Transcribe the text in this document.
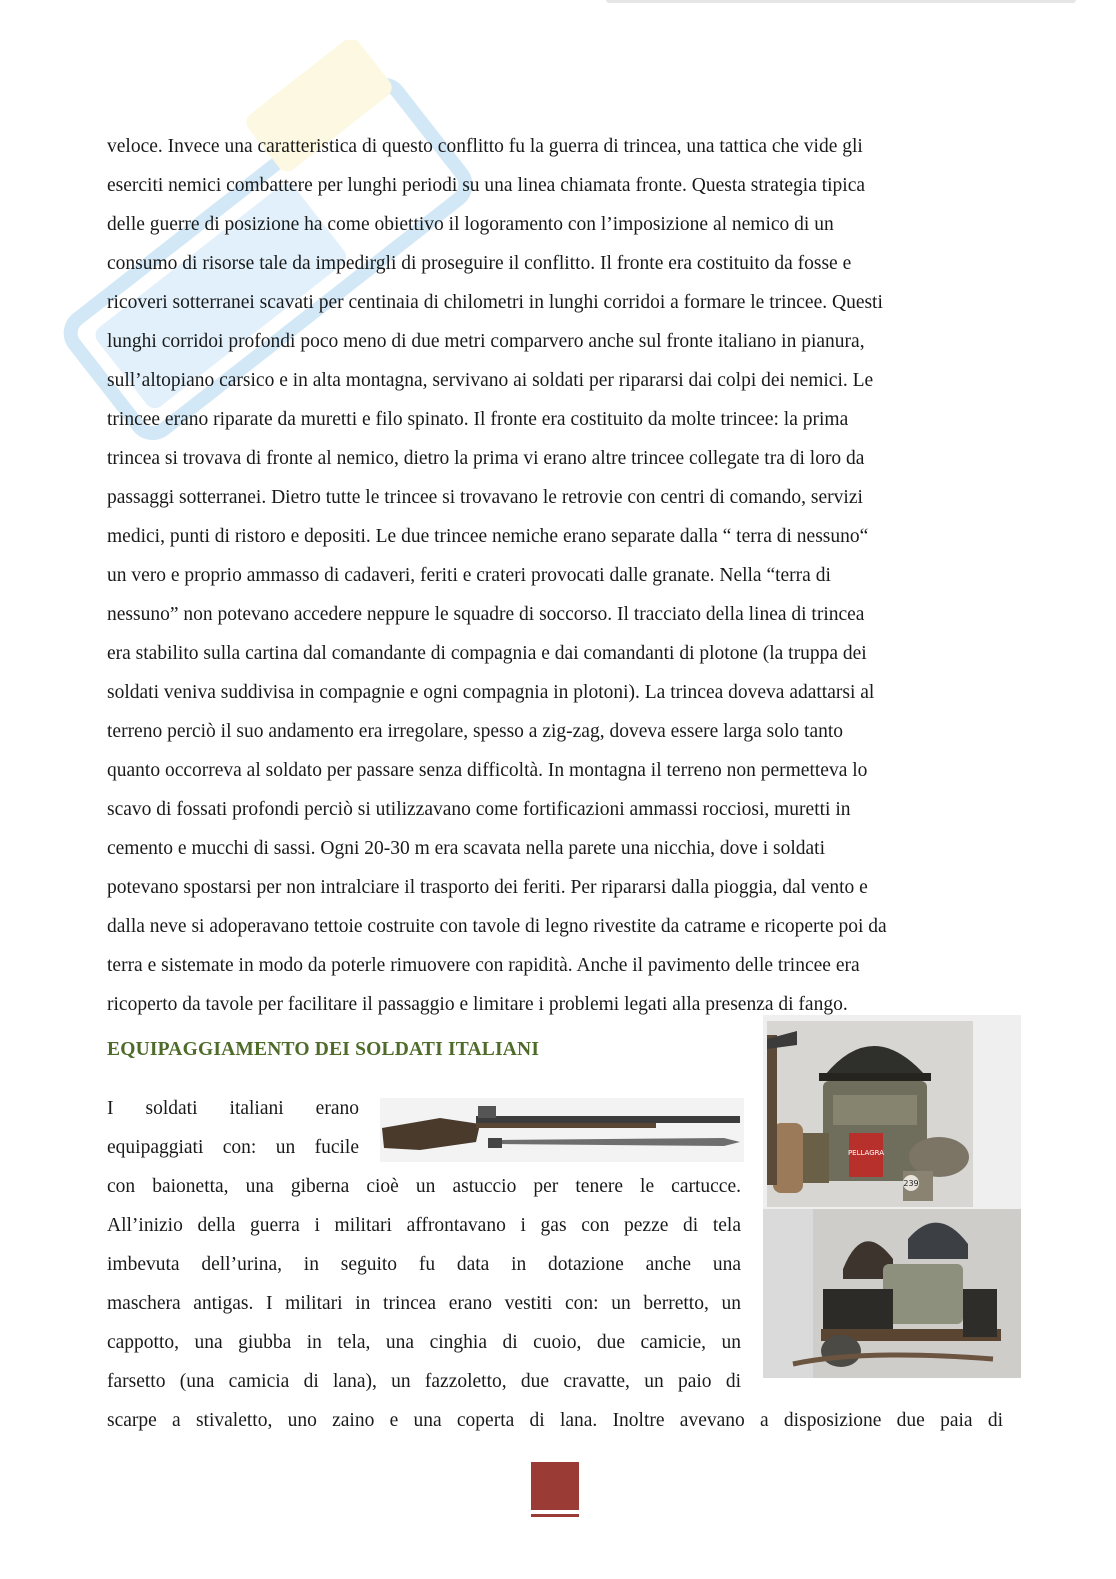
veloce. Invece una caratteristica di questo conflitto fu la guerra di trincea, una tattica che vide gli
eserciti nemici combattere per lunghi periodi su una linea chiamata fronte. Questa strategia tipica
delle guerre di posizione ha come obiettivo il logoramento con l’imposizione al nemico di un
consumo di risorse tale da impedirgli di proseguire il conflitto. Il fronte era costituito da fosse e
ricoveri sotterranei scavati per centinaia di chilometri in lunghi corridoi a formare le trincee. Questi
lunghi corridoi profondi poco meno di due metri comparvero anche sul fronte italiano in pianura,
sull’altopiano carsico e in alta montagna, servivano ai soldati per ripararsi dai colpi dei nemici. Le
trincee erano riparate da muretti e filo spinato. Il fronte era costituito da molte trincee: la prima
trincea si trovava di fronte al nemico, dietro la prima vi erano altre trincee collegate tra di loro da
passaggi sotterranei. Dietro tutte le trincee si trovavano le retrovie con centri di comando, servizi
medici, punti di ristoro e depositi. Le due trincee nemiche erano separate dalla “ terra di nessuno“
un vero e proprio ammasso di cadaveri, feriti e crateri provocati dalle granate. Nella “terra di
nessuno” non potevano accedere neppure le squadre di soccorso. Il tracciato della linea di trincea
era stabilito sulla cartina dal comandante di compagnia e dai comandanti di plotone (la truppa dei
soldati veniva suddivisa in compagnie e ogni compagnia in plotoni). La trincea doveva adattarsi al
terreno perciò il suo andamento era irregolare, spesso a zig-zag, doveva essere larga solo tanto
quanto occorreva al soldato per passare senza difficoltà. In montagna il terreno non permetteva lo
scavo di fossati profondi perciò si utilizzavano come fortificazioni ammassi rocciosi, muretti in
cemento e mucchi di sassi. Ogni 20-30 m era scavata nella parete una nicchia, dove i soldati
potevano spostarsi per non intralciare il trasporto dei feriti. Per ripararsi dalla pioggia, dal vento e
dalla neve si adoperavano tettoie costruite con tavole di legno rivestite da catrame e ricoperte poi da
terra e sistemate in modo da poterle rimuovere con rapidità. Anche il pavimento delle trincee era
ricoperto da tavole per facilitare il passaggio e limitare i problemi legati alla presenza di fango.
EQUIPAGGIAMENTO DEI SOLDATI ITALIANI
I soldati italiani erano
equipaggiati con: un fucile
con baionetta, una giberna cioè un astuccio per tenere le cartucce.
All’inizio della guerra i militari affrontavano i gas con pezze di tela
imbevuta dell’urina, in seguito fu data in dotazione anche una
maschera antigas. I militari in trincea erano vestiti con: un berretto, un
cappotto, una giubba in tela, una cinghia di cuoio, due camicie, un
farsetto (una camicia di lana), un fazzoletto, due cravatte, un paio di
scarpe a stivaletto, uno zaino e una coperta di lana. Inoltre avevano a disposizione due paia di
PELLAGRA
239
